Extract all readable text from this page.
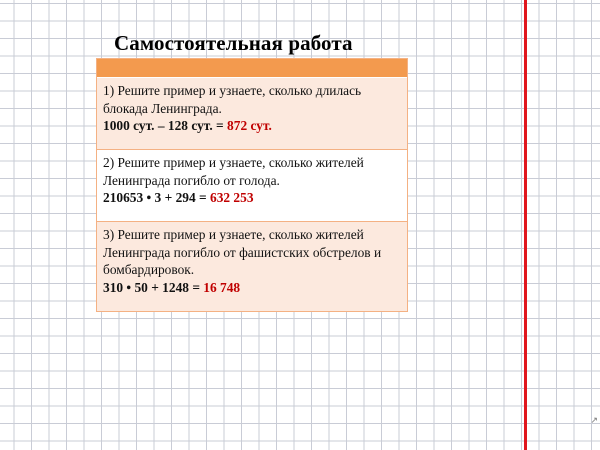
Самостоятельная работа
1) Решите пример и узнаете, сколько длилась блокада Ленинграда.
1000 сут. – 128 сут. = 872 сут.
2) Решите пример и узнаете, сколько жителей Ленинграда погибло от голода.
210653 • 3 + 294 = 632 253
3) Решите пример и узнаете, сколько жителей Ленинграда погибло от фашистских обстрелов и бомбардировок.
310 • 50 + 1248 = 16 748
↗
